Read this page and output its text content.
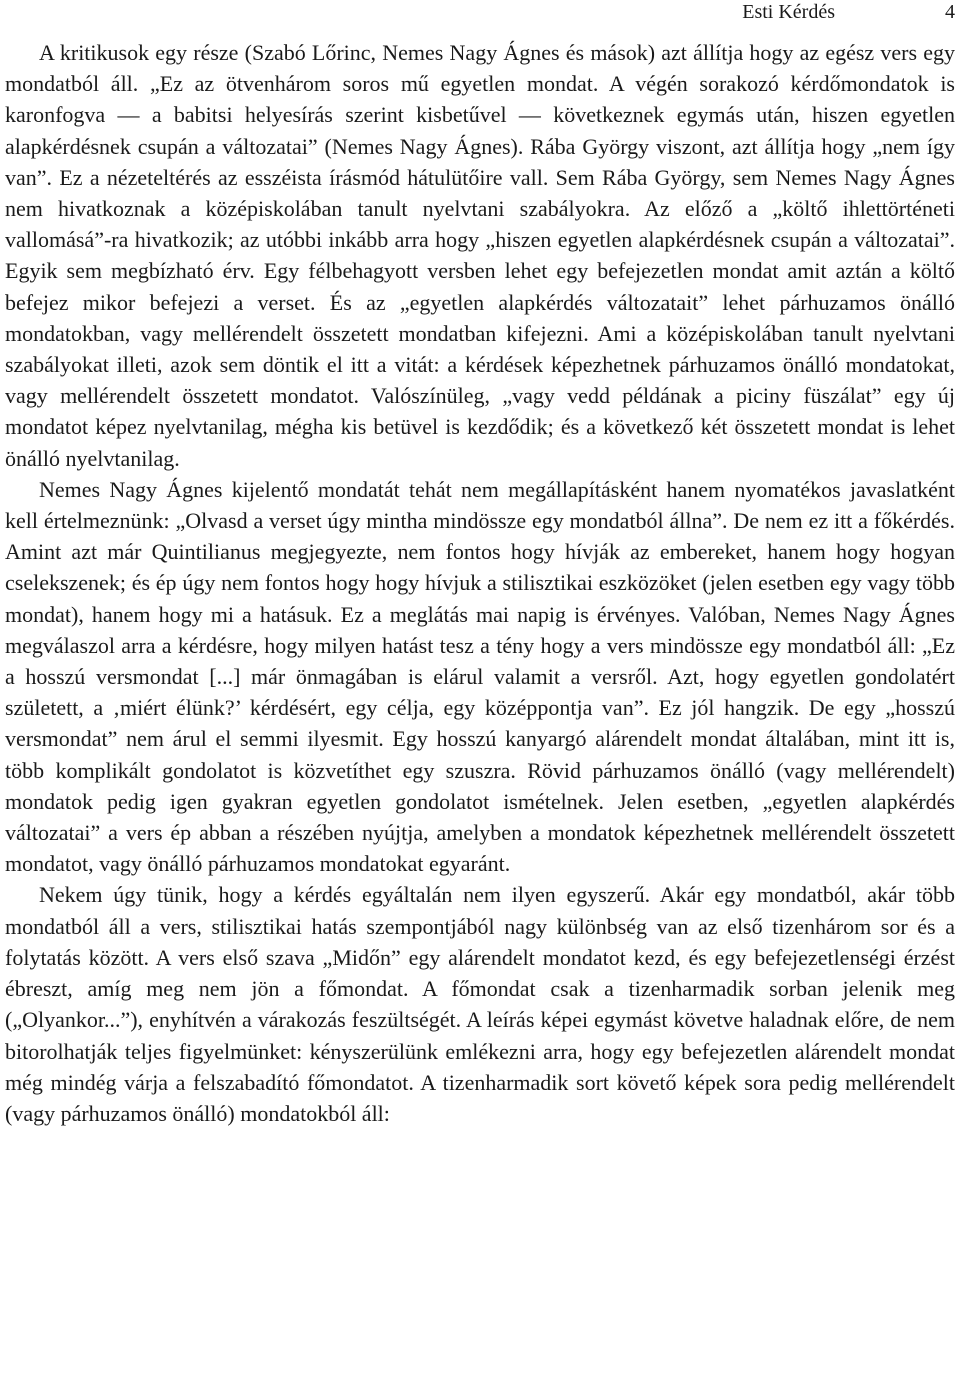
Esti Kérdés	4

A kritikusok egy része (Szabó Lőrinc, Nemes Nagy Ágnes és mások) azt állítja hogy az egész vers egy mondatból áll. „Ez az ötvenhárom soros mű egyetlen mondat. A végén sorakozó kérdőmondatok is karonfogva — a babitsi helyesírás szerint kisbetűvel — következnek egymás után, hiszen egyetlen alapkérdésnek csupán a változatai” (Nemes Nagy Ágnes). Rába György viszont, azt állítja hogy „nem így van”. Ez a nézeteltérés az esszéista írásmód hátulütőire vall. Sem Rába György, sem Nemes Nagy Ágnes nem hivatkoznak a középiskolában tanult nyelvtani szabályokra. Az előző a „költő ihlettörténeti vallomásá”-ra hivatkozik; az utóbbi inkább arra hogy „hiszen egyetlen alapkérdésnek csupán a változatai”. Egyik sem megbízható érv. Egy félbehagyott versben lehet egy befejezetlen mondat amit aztán a költő befejez mikor befejezi a verset. És az „egyetlen alapkérdés változatait” lehet párhuzamos önálló mondatokban, vagy mellérendelt összetett mondatban kifejezni. Ami a középiskolában tanult nyelvtani szabályokat illeti, azok sem döntik el itt a vitát: a kérdések képezhetnek párhuzamos önálló mondatokat, vagy mellérendelt összetett mondatot. Valószínüleg, „vagy vedd példának a piciny füszálat” egy új mondatot képez nyelvtanilag, mégha kis betüvel is kezdődik; és a következő két összetett mondat is lehet önálló nyelvtanilag.

Nemes Nagy Ágnes kijelentő mondatát tehát nem megállapításként hanem nyomatékos javaslatként kell értelmeznünk: „Olvasd a verset úgy mintha mindössze egy mondatból állna”. De nem ez itt a főkérdés. Amint azt már Quintilianus megjegyezte, nem fontos hogy hívják az embereket, hanem hogy hogyan cselekszenek; és ép úgy nem fontos hogy hogy hívjuk a stilisztikai eszközöket (jelen esetben egy vagy több mondat), hanem hogy mi a hatásuk. Ez a meglátás mai napig is érvényes. Valóban, Nemes Nagy Ágnes megválaszol arra a kérdésre, hogy milyen hatást tesz a tény hogy a vers mindössze egy mondatból áll: „Ez a hosszú versmondat [...] már önmagában is elárul valamit a versről. Azt, hogy egyetlen gondolatért született, a ‚miért élünk?’ kérdésért, egy célja, egy középpontja van”. Ez jól hangzik. De egy „hosszú versmondat” nem árul el semmi ilyesmit. Egy hosszú kanyargó alárendelt mondat általában, mint itt is, több komplikált gondolatot is közvetíthet egy szuszra. Rövid párhuzamos önálló (vagy mellérendelt) mondatok pedig igen gyakran egyetlen gondolatot ismételnek. Jelen esetben, „egyetlen alapkérdés változatai” a vers ép abban a részében nyújtja, amelyben a mondatok képezhetnek mellérendelt összetett mondatot, vagy önálló párhuzamos mondatokat egyaránt.

Nekem úgy tünik, hogy a kérdés egyáltalán nem ilyen egyszerű. Akár egy mondatból, akár több mondatból áll a vers, stilisztikai hatás szempontjából nagy különbség van az első tizenhárom sor és a folytatás között. A vers első szava „Midőn” egy alárendelt mondatot kezd, és egy befejezetlenségi érzést ébreszt, amíg meg nem jön a főmondat. A főmondat csak a tizenharmadik sorban jelenik meg („Olyankor...”), enyhítvén a várakozás feszültségét. A leírás képei egymást követve haladnak előre, de nem bitorolhatják teljes figyelmünket: kényszerülünk emlékezni arra, hogy egy befejezetlen alárendelt mondat még mindég várja a felszabadító főmondatot. A tizenharmadik sort követő képek sora pedig mellérendelt (vagy párhuzamos önálló) mondatokból áll:
